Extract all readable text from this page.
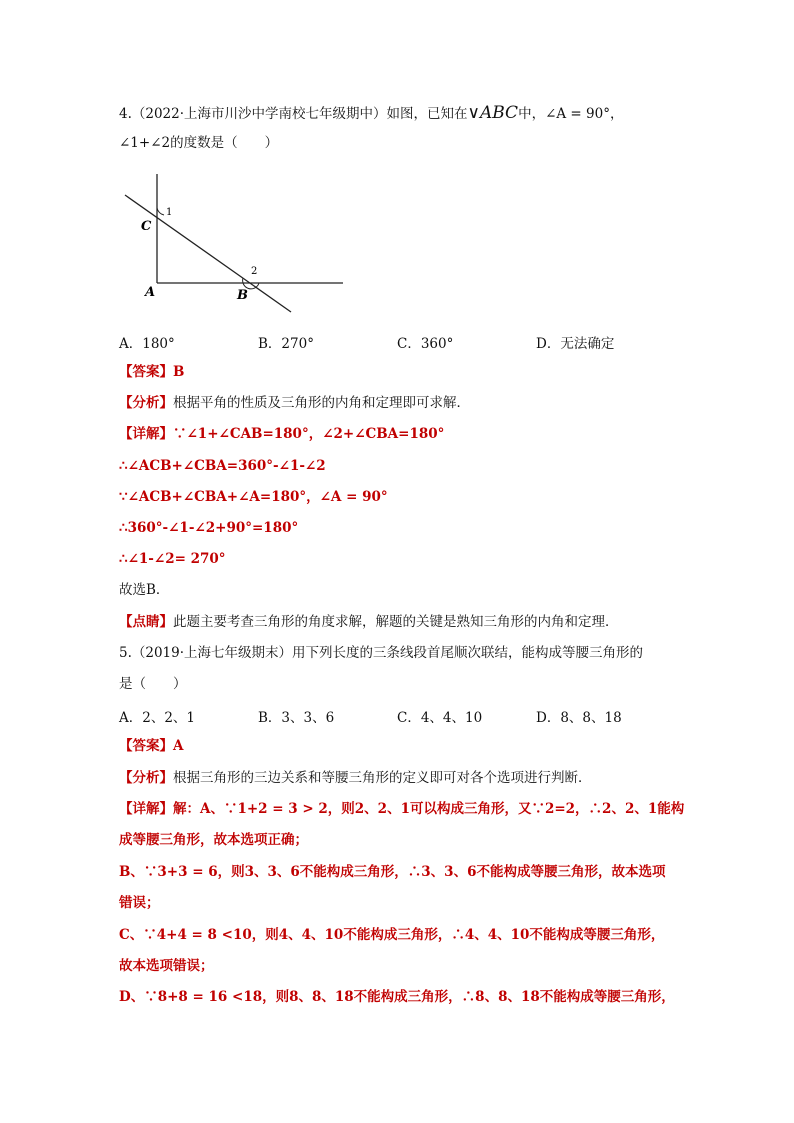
4.（2022·上海市川沙中学南校七年级期中）如图，已知在∨ABC中，∠A = 90°，
∠1+∠2的度数是（　　）
C
1
A	B
2
A．180°	B．270°	C．360°	D．无法确定
【答案】B
【分析】根据平角的性质及三角形的内角和定理即可求解．
【详解】∵∠1+∠CAB=180°，∠2+∠CBA=180°
∴∠ACB+∠CBA=360°-∠1-∠2
∵∠ACB+∠CBA+∠A=180°，∠A = 90°
∴360°-∠1-∠2+90°=180°
∴∠1-∠2= 270°
故选B．
【点睛】此题主要考查三角形的角度求解，解题的关键是熟知三角形的内角和定理．
5.（2019·上海七年级期末）用下列长度的三条线段首尾顺次联结，能构成等腰三角形的
是（　　）
A．2、2、1	B．3、3、6	C．4、4、10	D．8、8、18
【答案】A
【分析】根据三角形的三边关系和等腰三角形的定义即可对各个选项进行判断．
【详解】解：A、∵1+2 = 3 > 2，则2、2、1可以构成三角形，又∵2=2，∴2、2、1能构
成等腰三角形，故本选项正确；
B、∵3+3 = 6，则3、3、6不能构成三角形，∴3、3、6不能构成等腰三角形，故本选项
错误；
C、∵4+4 = 8 <10，则4、4、10不能构成三角形，∴4、4、10不能构成等腰三角形，
故本选项错误；
D、∵8+8 = 16 <18，则8、8、18不能构成三角形，∴8、8、18不能构成等腰三角形，
